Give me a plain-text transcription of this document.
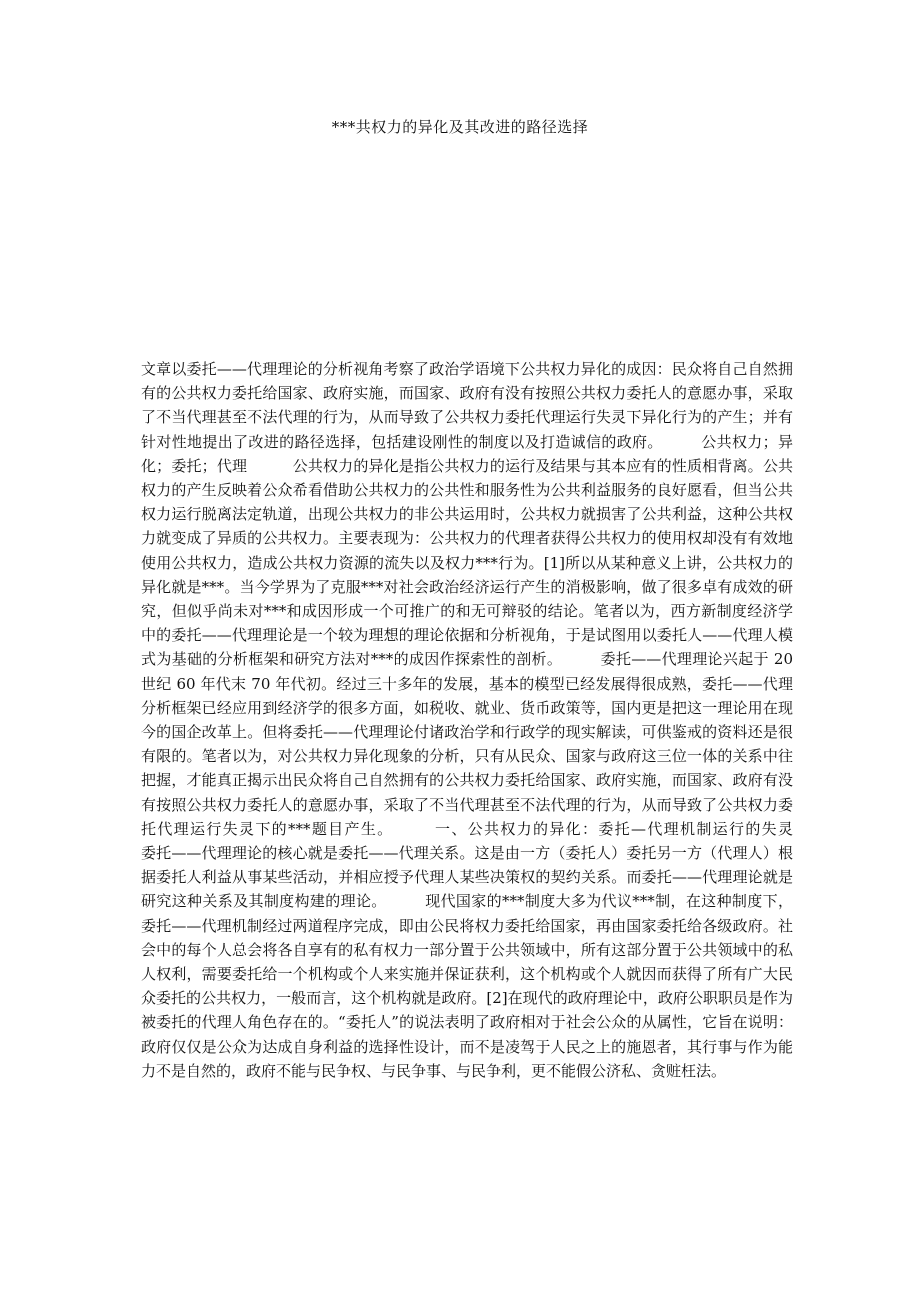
***共权力的异化及其改进的路径选择

文章以委托——代理理论的分析视角考察了政治学语境下公共权力异化的成因：民众将自己自然拥有的公共权力委托给国家、政府实施，而国家、政府有没有按照公共权力委托人的意愿办事，采取了不当代理甚至不法代理的行为，从而导致了公共权力委托代理运行失灵下异化行为的产生；并有针对性地提出了改进的路径选择，包括建设刚性的制度以及打造诚信的政府。　　　公共权力；异化；委托；代理　　　公共权力的异化是指公共权力的运行及结果与其本应有的性质相背离。公共权力的产生反映着公众希看借助公共权力的公共性和服务性为公共利益服务的良好愿看，但当公共权力运行脱离法定轨道，出现公共权力的非公共运用时，公共权力就损害了公共利益，这种公共权力就变成了异质的公共权力。主要表现为：公共权力的代理者获得公共权力的使用权却没有有效地使用公共权力，造成公共权力资源的流失以及权力***行为。[1]所以从某种意义上讲，公共权力的异化就是***。当今学界为了克服***对社会政治经济运行产生的消极影响，做了很多卓有成效的研究，但似乎尚未对***和成因形成一个可推广的和无可辩驳的结论。笔者以为，西方新制度经济学中的委托——代理理论是一个较为理想的理论依据和分析视角，于是试图用以委托人——代理人模式为基础的分析框架和研究方法对***的成因作探索性的剖析。　　　委托——代理理论兴起于 20 世纪 60 年代末 70 年代初。经过三十多年的发展，基本的模型已经发展得很成熟，委托——代理分析框架已经应用到经济学的很多方面，如税收、就业、货币政策等，国内更是把这一理论用在现今的国企改革上。但将委托——代理理论付诸政治学和行政学的现实解读，可供鉴戒的资料还是很有限的。笔者以为，对公共权力异化现象的分析，只有从民众、国家与政府这三位一体的关系中往把握，才能真正揭示出民众将自己自然拥有的公共权力委托给国家、政府实施，而国家、政府有没有按照公共权力委托人的意愿办事，采取了不当代理甚至不法代理的行为，从而导致了公共权力委托代理运行失灵下的***题目产生。　　　一、公共权力的异化：委托—代理机制运行的失灵　　　委托——代理理论的核心就是委托——代理关系。这是由一方（委托人）委托另一方（代理人）根据委托人利益从事某些活动，并相应授予代理人某些决策权的契约关系。而委托——代理理论就是研究这种关系及其制度构建的理论。　　　现代国家的***制度大多为代议***制，在这种制度下，委托——代理机制经过两道程序完成，即由公民将权力委托给国家，再由国家委托给各级政府。社会中的每个人总会将各自享有的私有权力一部分置于公共领域中，所有这部分置于公共领域中的私人权利，需要委托给一个机构或个人来实施并保证获利，这个机构或个人就因而获得了所有广大民众委托的公共权力，一般而言，这个机构就是政府。[2]在现代的政府理论中，政府公职职员是作为被委托的代理人角色存在的。“委托人”的说法表明了政府相对于社会公众的从属性，它旨在说明：政府仅仅是公众为达成自身利益的选择性设计，而不是凌驾于人民之上的施恩者，其行事与作为能力不是自然的，政府不能与民争权、与民争事、与民争利，更不能假公济私、贪赃枉法。
